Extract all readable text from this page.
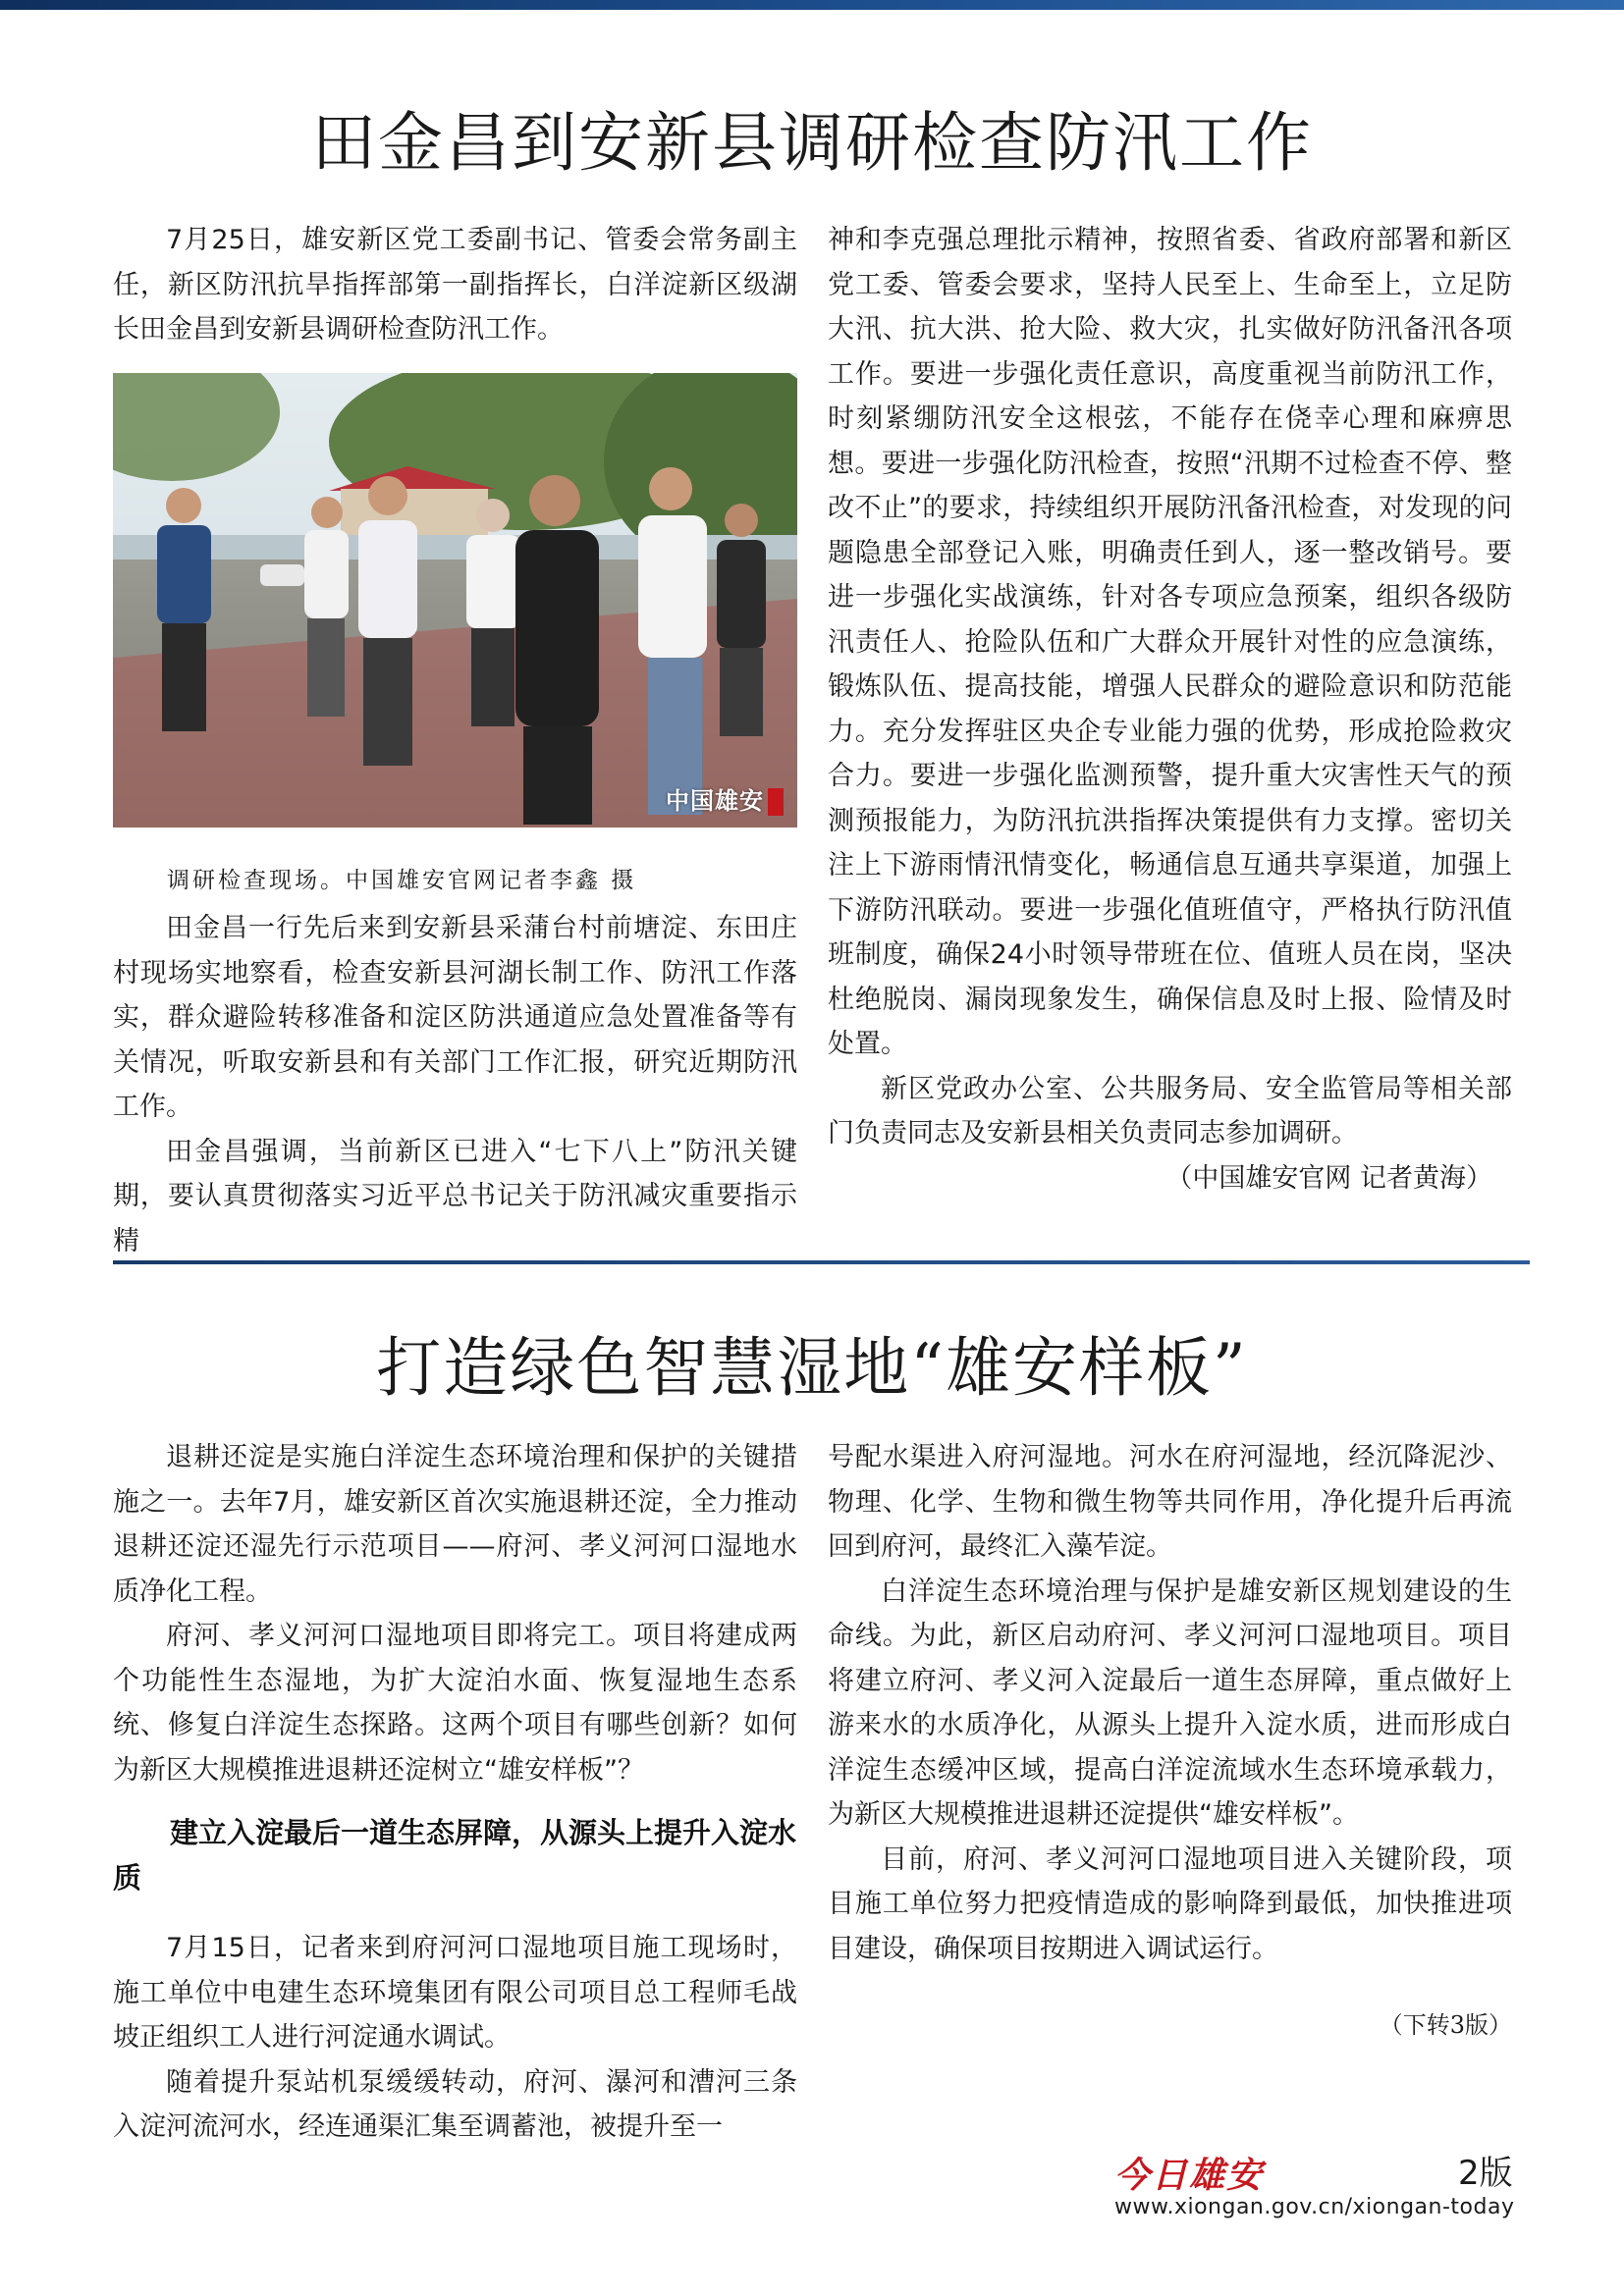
田金昌到安新县调研检查防汛工作

7月25日，雄安新区党工委副书记、管委会常务副主任，新区防汛抗旱指挥部第一副指挥长，白洋淀新区级湖长田金昌到安新县调研检查防汛工作。

中国雄安
调研检查现场。中国雄安官网记者李鑫 摄

田金昌一行先后来到安新县采蒲台村前塘淀、东田庄村现场实地察看，检查安新县河湖长制工作、防汛工作落实，群众避险转移准备和淀区防洪通道应急处置准备等有关情况，听取安新县和有关部门工作汇报，研究近期防汛工作。

田金昌强调，当前新区已进入“七下八上”防汛关键期，要认真贯彻落实习近平总书记关于防汛减灾重要指示精

神和李克强总理批示精神，按照省委、省政府部署和新区党工委、管委会要求，坚持人民至上、生命至上，立足防大汛、抗大洪、抢大险、救大灾，扎实做好防汛备汛各项工作。要进一步强化责任意识，高度重视当前防汛工作，时刻紧绷防汛安全这根弦，不能存在侥幸心理和麻痹思想。要进一步强化防汛检查，按照“汛期不过检查不停、整改不止”的要求，持续组织开展防汛备汛检查，对发现的问题隐患全部登记入账，明确责任到人，逐一整改销号。要进一步强化实战演练，针对各专项应急预案，组织各级防汛责任人、抢险队伍和广大群众开展针对性的应急演练，锻炼队伍、提高技能，增强人民群众的避险意识和防范能力。充分发挥驻区央企专业能力强的优势，形成抢险救灾合力。要进一步强化监测预警，提升重大灾害性天气的预测预报能力，为防汛抗洪指挥决策提供有力支撑。密切关注上下游雨情汛情变化，畅通信息互通共享渠道，加强上下游防汛联动。要进一步强化值班值守，严格执行防汛值班制度，确保24小时领导带班在位、值班人员在岗，坚决杜绝脱岗、漏岗现象发生，确保信息及时上报、险情及时处置。

新区党政办公室、公共服务局、安全监管局等相关部门负责同志及安新县相关负责同志参加调研。

（中国雄安官网 记者黄海）

打造绿色智慧湿地“雄安样板”

退耕还淀是实施白洋淀生态环境治理和保护的关键措施之一。去年7月，雄安新区首次实施退耕还淀，全力推动退耕还淀还湿先行示范项目——府河、孝义河河口湿地水质净化工程。

府河、孝义河河口湿地项目即将完工。项目将建成两个功能性生态湿地，为扩大淀泊水面、恢复湿地生态系统、修复白洋淀生态探路。这两个项目有哪些创新？如何为新区大规模推进退耕还淀树立“雄安样板”？

建立入淀最后一道生态屏障，从源头上提升入淀水质

7月15日，记者来到府河河口湿地项目施工现场时，施工单位中电建生态环境集团有限公司项目总工程师毛战坡正组织工人进行河淀通水调试。

随着提升泵站机泵缓缓转动，府河、瀑河和漕河三条入淀河流河水，经连通渠汇集至调蓄池，被提升至一

号配水渠进入府河湿地。河水在府河湿地，经沉降泥沙、物理、化学、生物和微生物等共同作用，净化提升后再流回到府河，最终汇入藻苲淀。

白洋淀生态环境治理与保护是雄安新区规划建设的生命线。为此，新区启动府河、孝义河河口湿地项目。项目将建立府河、孝义河入淀最后一道生态屏障，重点做好上游来水的水质净化，从源头上提升入淀水质，进而形成白洋淀生态缓冲区域，提高白洋淀流域水生态环境承载力，为新区大规模推进退耕还淀提供“雄安样板”。

目前，府河、孝义河河口湿地项目进入关键阶段，项目施工单位努力把疫情造成的影响降到最低，加快推进项目建设，确保项目按期进入调试运行。

（下转3版）
今日雄安	2版
www.xiongan.gov.cn/xiongan-today
